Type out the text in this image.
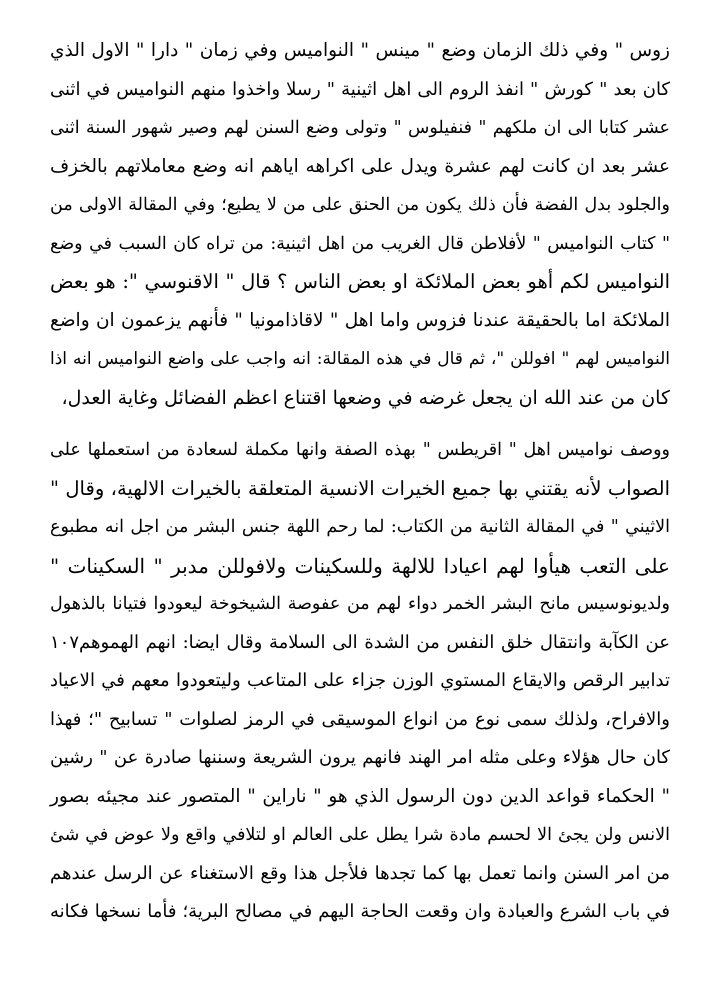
زوس " وفي ذلك الزمان وضع " مينس " النواميس وفي زمان " دارا " الاول الذي
كان بعد " كورش " انفذ الروم الى اهل اثينية " رسلا واخذوا منهم النواميس في اثنى
عشر كتابا الى ان ملكهم " فنفيلوس " وتولى وضع السنن لهم وصير شهور السنة اثنى
عشر بعد ان كانت لهم عشرة ويدل على اكراهه اياهم انه وضع معاملاتهم بالخزف
والجلود بدل الفضة فأن ذلك يكون من الحنق على من لا يطيع؛ وفي المقالة الاولى من
" كتاب النواميس " لأفلاطن قال الغريب من اهل اثينية: من تراه كان السبب في وضع
النواميس لكم أهو بعض الملائكة او بعض الناس ؟ قال " الاقنوسي ": هو بعض
الملائكة اما بالحقيقة عندنا فزوس واما اهل " لاقاذامونيا " فأنهم يزعمون ان واضع
النواميس لهم " افوللن "، ثم قال في هذه المقالة: انه واجب على واضع النواميس انه اذا
كان من عند الله ان يجعل غرضه في وضعها اقتناع اعظم الفضائل وغاية العدل،
ووصف نواميس اهل " اقريطس " بهذه الصفة وانها مكملة لسعادة من استعملها على
الصواب لأنه يقتني بها جميع الخيرات الانسية المتعلقة بالخيرات الالهية، وقال "
الاثيني " في المقالة الثانية من الكتاب: لما رحم اللهة جنس البشر من اجل انه مطبوع
على التعب هيأوا لهم اعيادا للالهة وللسكينات ولافوللن مدبر " السكينات "
ولديونوسيس مانح البشر الخمر دواء لهم من عفوصة الشيخوخة ليعودوا فتيانا بالذهول
عن الكآبة وانتقال خلق النفس من الشدة الى السلامة وقال ايضا: انهم الهموهم١٠٧
تدابير الرقص والايقاع المستوي الوزن جزاء على المتاعب وليتعودوا معهم في الاعياد
والافراح، ولذلك سمى نوع من انواع الموسيقى في الرمز لصلوات " تسابيح "؛ فهذا
كان حال هؤلاء وعلى مثله امر الهند فانهم يرون الشريعة وسننها صادرة عن " رشين
" الحكماء قواعد الدين دون الرسول الذي هو " ناراين " المتصور عند مجيئه بصور
الانس ولن يجئ الا لحسم مادة شرا يطل على العالم او لتلافي واقع ولا عوض في شئ
من امر السنن وانما تعمل بها كما تجدها فلأجل هذا وقع الاستغناء عن الرسل عندهم
في باب الشرع والعبادة وان وقعت الحاجة اليهم في مصالح البرية؛ فأما نسخها فكانه
